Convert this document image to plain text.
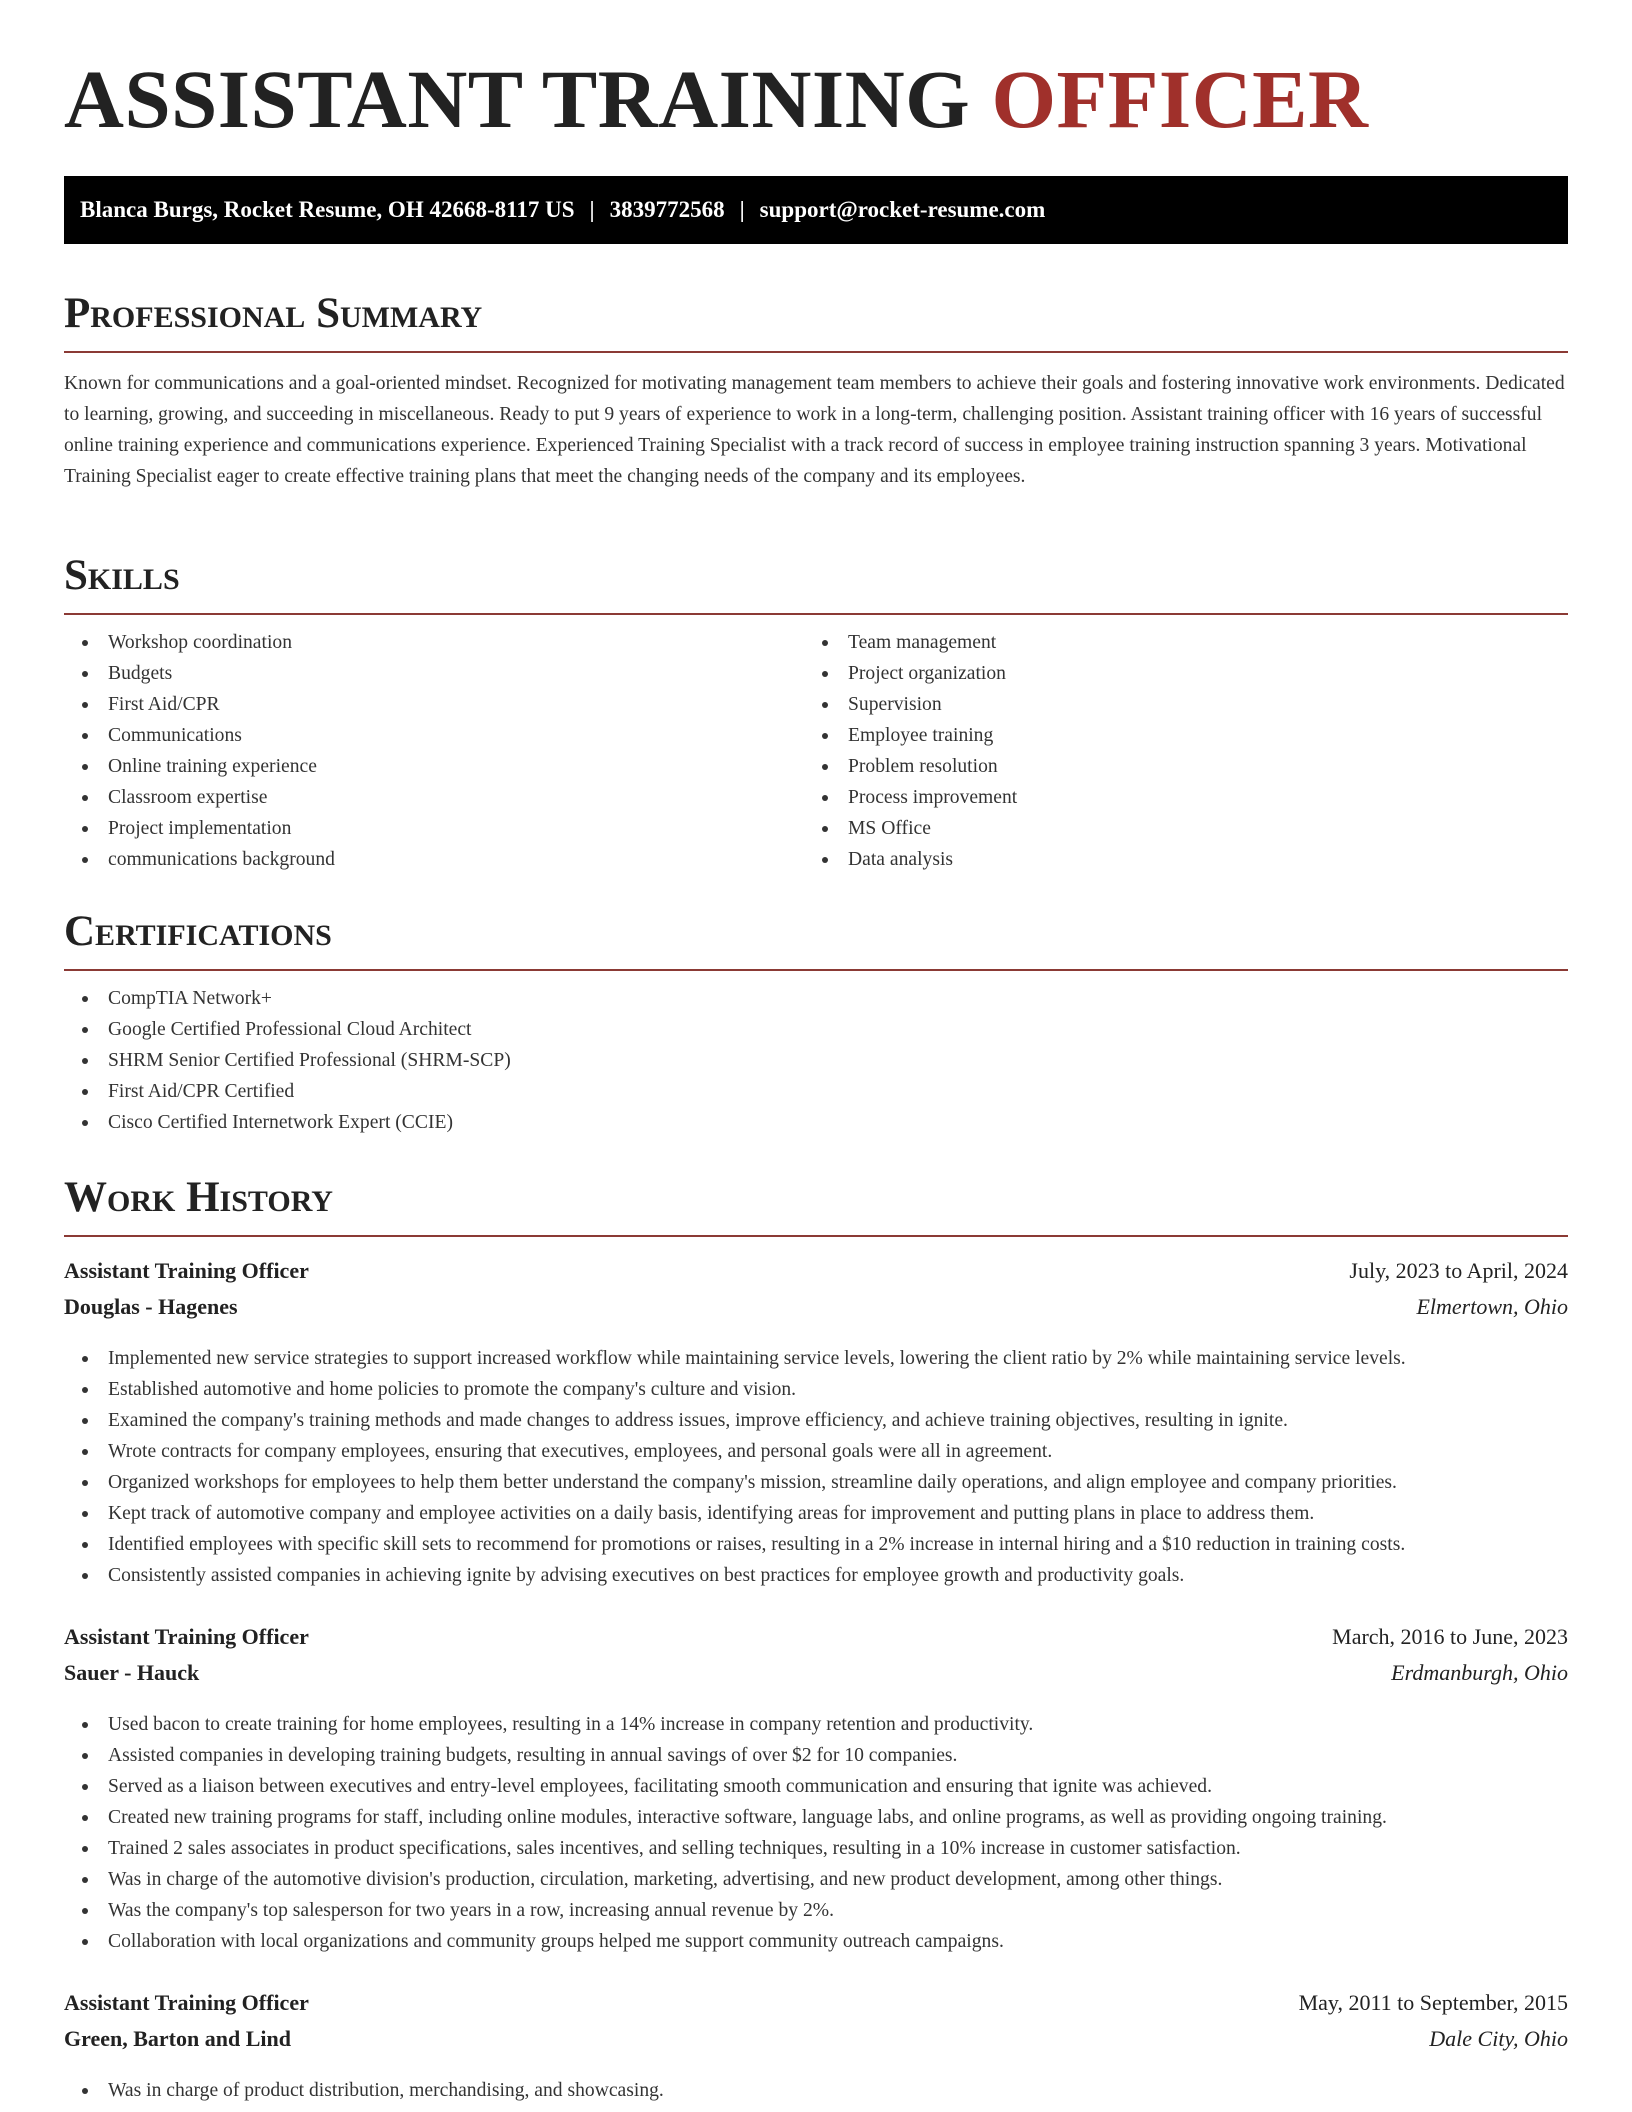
ASSISTANT TRAINING OFFICER
Blanca Burgs, Rocket Resume, OH 42668-8117 US | 3839772568 | support@rocket-resume.com
Professional Summary

Known for communications and a goal-oriented mindset. Recognized for motivating management team members to achieve their goals and fostering innovative work environments. Dedicated to learning, growing, and succeeding in miscellaneous. Ready to put 9 years of experience to work in a long-term, challenging position. Assistant training officer with 16 years of successful online training experience and communications experience. Experienced Training Specialist with a track record of success in employee training instruction spanning 3 years. Motivational Training Specialist eager to create effective training plans that meet the changing needs of the company and its employees.

Skills
Workshop coordination
Budgets
First Aid/CPR
Communications
Online training experience
Classroom expertise
Project implementation
communications background
Team management
Project organization
Supervision
Employee training
Problem resolution
Process improvement
MS Office
Data analysis
Certifications
CompTIA Network+
Google Certified Professional Cloud Architect
SHRM Senior Certified Professional (SHRM-SCP)
First Aid/CPR Certified
Cisco Certified Internetwork Expert (CCIE)
Work History
Assistant Training Officer	July, 2023 to April, 2024
Douglas - Hagenes	Elmertown, Ohio
Implemented new service strategies to support increased workflow while maintaining service levels, lowering the client ratio by 2% while maintaining service levels.
Established automotive and home policies to promote the company's culture and vision.
Examined the company's training methods and made changes to address issues, improve efficiency, and achieve training objectives, resulting in ignite.
Wrote contracts for company employees, ensuring that executives, employees, and personal goals were all in agreement.
Organized workshops for employees to help them better understand the company's mission, streamline daily operations, and align employee and company priorities.
Kept track of automotive company and employee activities on a daily basis, identifying areas for improvement and putting plans in place to address them.
Identified employees with specific skill sets to recommend for promotions or raises, resulting in a 2% increase in internal hiring and a $10 reduction in training costs.
Consistently assisted companies in achieving ignite by advising executives on best practices for employee growth and productivity goals.
Assistant Training Officer	March, 2016 to June, 2023
Sauer - Hauck	Erdmanburgh, Ohio
Used bacon to create training for home employees, resulting in a 14% increase in company retention and productivity.
Assisted companies in developing training budgets, resulting in annual savings of over $2 for 10 companies.
Served as a liaison between executives and entry-level employees, facilitating smooth communication and ensuring that ignite was achieved.
Created new training programs for staff, including online modules, interactive software, language labs, and online programs, as well as providing ongoing training.
Trained 2 sales associates in product specifications, sales incentives, and selling techniques, resulting in a 10% increase in customer satisfaction.
Was in charge of the automotive division's production, circulation, marketing, advertising, and new product development, among other things.
Was the company's top salesperson for two years in a row, increasing annual revenue by 2%.
Collaboration with local organizations and community groups helped me support community outreach campaigns.
Assistant Training Officer	May, 2011 to September, 2015
Green, Barton and Lind	Dale City, Ohio
Was in charge of product distribution, merchandising, and showcasing.
